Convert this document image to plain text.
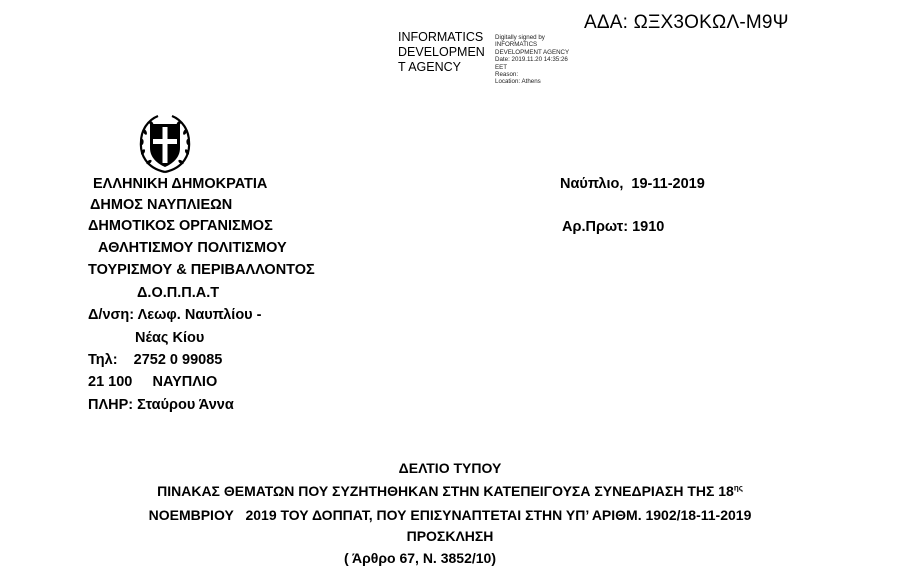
ΑΔΑ: ΩΞΧ3ΟΚΩΛ-Μ9Ψ
INFORMATICS
DEVELOPMEN
T AGENCY
Digitally signed by
INFORMATICS
DEVELOPMENT AGENCY
Date: 2019.11.20 14:35:26
EET
Reason:
Location: Athens
ΕΛΛΗΝΙΚΗ ΔΗΜΟΚΡΑΤΙΑ
ΔΗΜΟΣ ΝΑΥΠΛΙΕΩΝ
ΔΗΜΟΤΙΚΟΣ ΟΡΓΑΝΙΣΜΟΣ
ΑΘΛΗΤΙΣΜΟΥ ΠΟΛΙΤΙΣΜΟΥ
ΤΟΥΡΙΣΜΟΥ & ΠΕΡΙΒΑΛΛΟΝΤΟΣ
Δ.Ο.Π.Π.Α.Τ
Δ/νση: Λεωφ. Ναυπλίου -
Νέας Κίου
Τηλ:    2752 0 99085
21 100     ΝΑΥΠΛΙΟ
ΠΛΗΡ: Σταύρου Άννα
Ναύπλιο,  19-11-2019
Αρ.Πρωτ: 1910
ΔΕΛΤΙΟ ΤΥΠΟΥ
ΠΙΝΑΚΑΣ ΘΕΜΑΤΩΝ ΠΟΥ ΣΥΖΗΤΗΘΗΚΑΝ ΣΤΗΝ ΚΑΤΕΠΕΙΓΟΥΣΑ ΣΥΝΕΔΡΙΑΣΗ ΤΗΣ $18^{\eta\varsigma}$
ΝΟΕΜΒΡΙΟΥ   2019 ΤΟΥ ΔΟΠΠΑΤ, ΠΟΥ ΕΠΙΣΥΝΑΠΤΕΤΑΙ ΣΤΗΝ ΥΠ’ ΑΡΙΘΜ. 1902/18-11-2019
ΠΡΟΣΚΛΗΣΗ
( Άρθρο 67, Ν. 3852/10)
